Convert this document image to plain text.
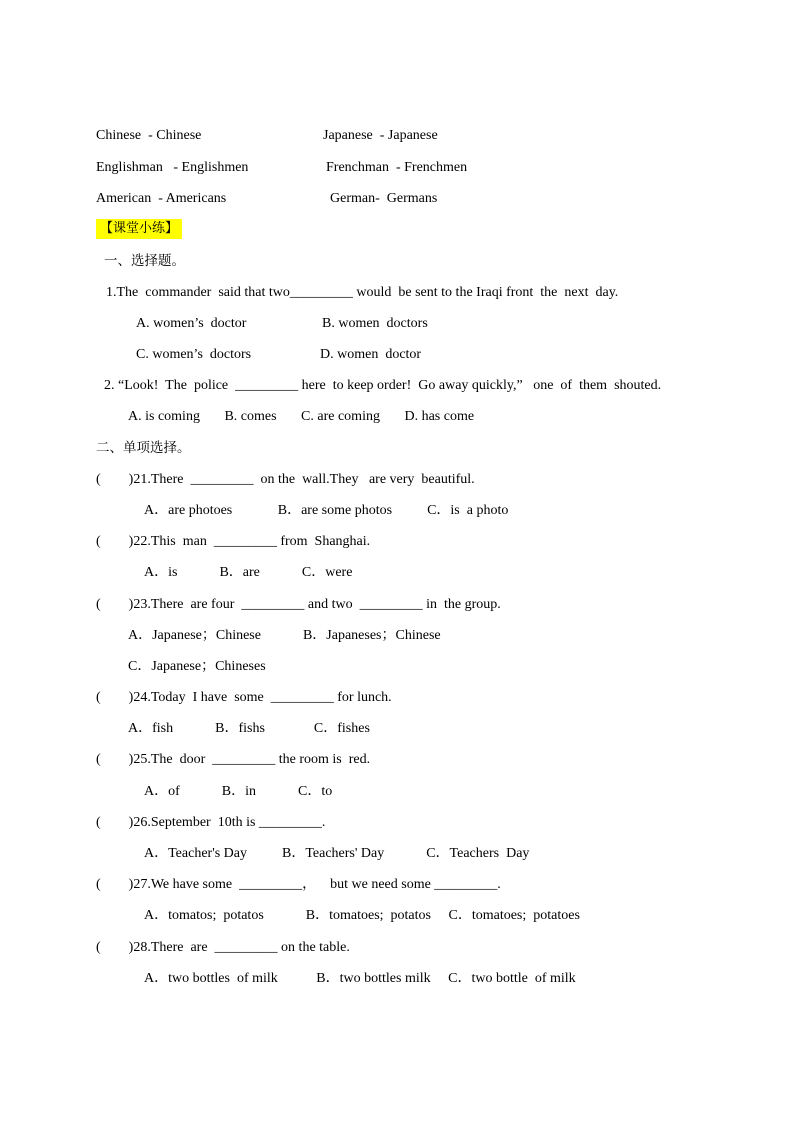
Chinese  - Chinese	Japanese  - Japanese
Englishman   - Englishmen	Frenchman  - Frenchmen
American  - Americans	German-  Germans
【课堂小练】
一、选择题。
1.The  commander  said that two_________ would  be sent to the Iraqi front  the  next  day.
A. women’s  doctor	B. women  doctors
C. women’s  doctors	D. women  doctor
2. “Look!  The  police  _________ here  to keep order!  Go away quickly,”   one  of  them  shouted.
A. is coming       B. comes       C. are coming       D. has come
二、单项选择。
(        )21.There  _________  on the  wall.They   are very  beautiful.
A．are photoes             B．are some photos          C．is  a photo
(        )22.This  man  _________ from  Shanghai.
A．is            B．are            C．were
(        )23.There  are four  _________ and two  _________ in  the group.
A．Japanese；Chinese            B．Japaneses；Chinese
C．Japanese；Chineses
(        )24.Today  I have  some  _________ for lunch.
A．fish            B．fishs              C．fishes
(        )25.The  door  _________ the room is  red.
A．of            B．in            C．to
(        )26.September  10th is _________.
A．Teacher's Day          B．Teachers' Day            C．Teachers  Day
(        )27.We have some  _________，    but we need some _________.
A．tomatos;  potatos            B．tomatoes;  potatos     C．tomatoes;  potatoes
(        )28.There  are  _________ on the table.
A．two bottles  of milk           B．two bottles milk     C．two bottle  of milk
